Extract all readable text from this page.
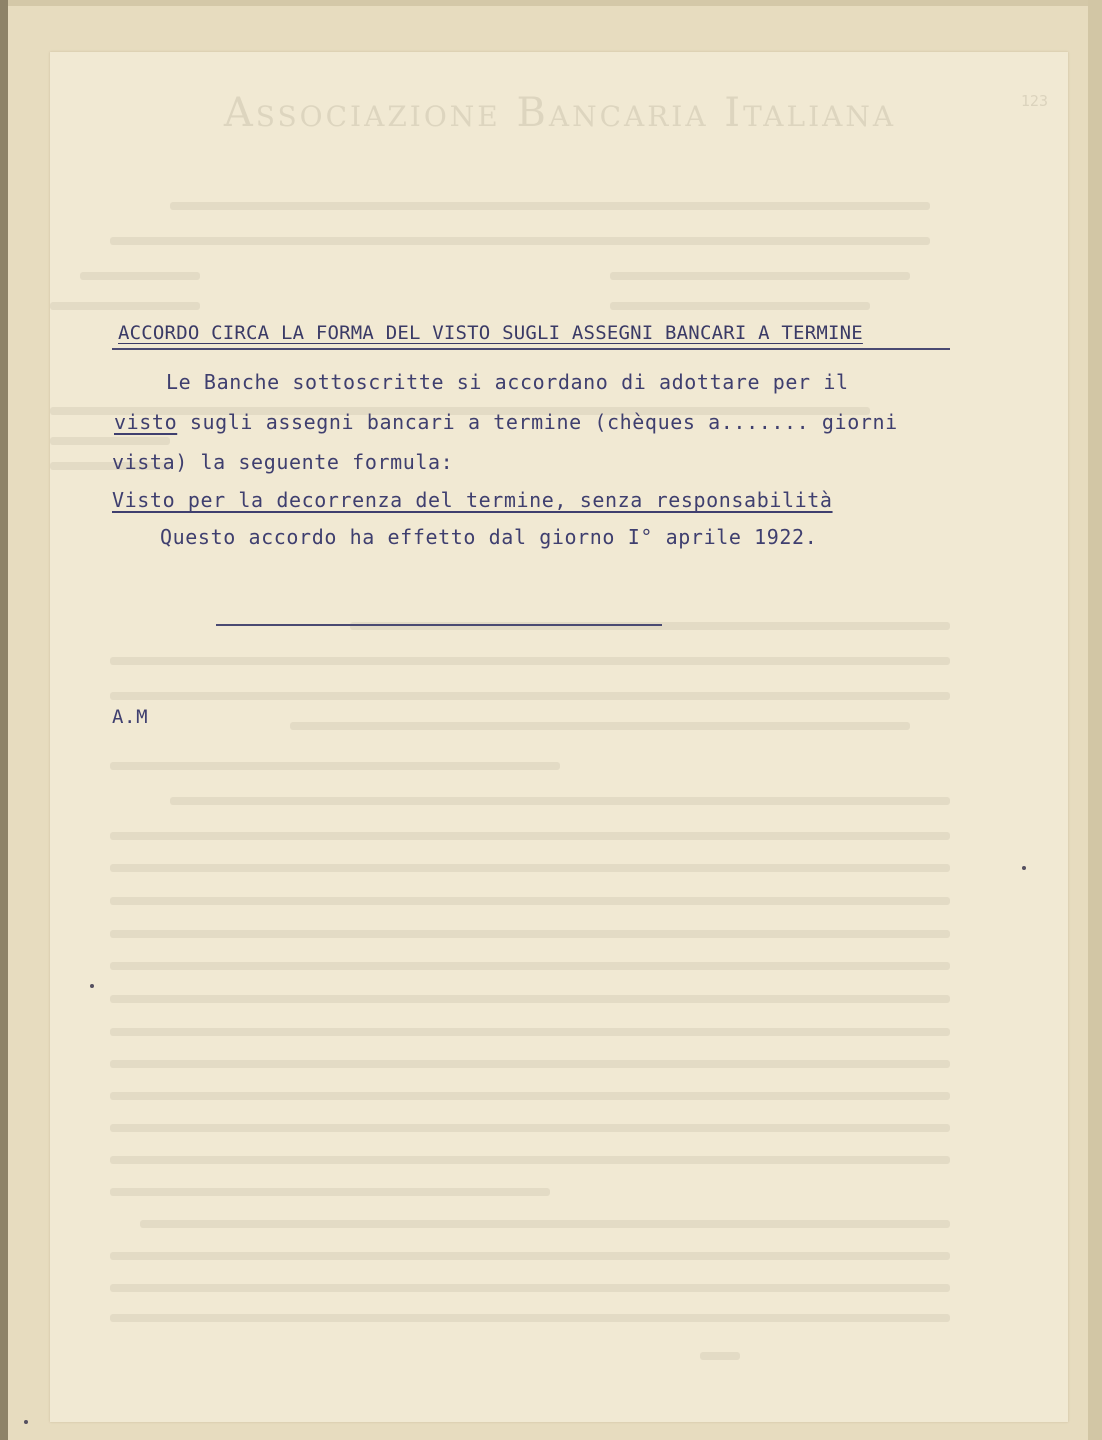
Associazione Bancaria Italiana	123
ACCORDO CIRCA LA FORMA DEL VISTO SUGLI ASSEGNI BANCARI A TERMINE
Le Banche sottoscritte si accordano di adottare per il
visto sugli assegni bancari a termine (chèques a....... giorni
vista) la seguente formula:
Visto per la decorrenza del termine, senza responsabilità
Questo accordo ha effetto dal giorno I° aprile 1922.
A.M
